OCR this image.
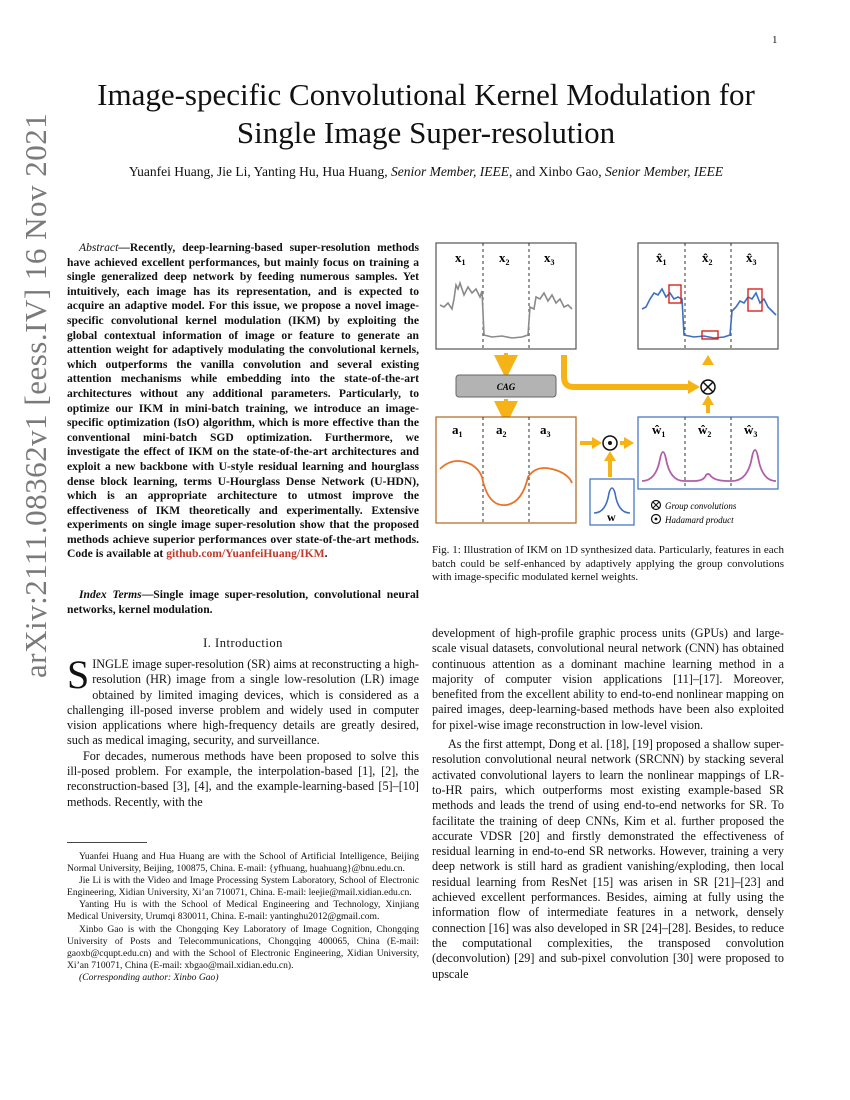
1
arXiv:2111.08362v1 [eess.IV] 16 Nov 2021
Image-specific Convolutional Kernel Modulation for
Single Image Super-resolution
Yuanfei Huang, Jie Li, Yanting Hu, Hua Huang, Senior Member, IEEE, and Xinbo Gao, Senior Member, IEEE
Abstract—Recently, deep-learning-based super-resolution methods have achieved excellent performances, but mainly focus on training a single generalized deep network by feeding numerous samples. Yet intuitively, each image has its representation, and is expected to acquire an adaptive model. For this issue, we propose a novel image-specific convolutional kernel modulation (IKM) by exploiting the global contextual information of image or feature to generate an attention weight for adaptively modulating the convolutional kernels, which outperforms the vanilla convolution and several existing attention mechanisms while embedding into the state-of-the-art architectures without any additional parameters. Particularly, to optimize our IKM in mini-batch training, we introduce an image-specific optimization (IsO) algorithm, which is more effective than the conventional mini-batch SGD optimization. Furthermore, we investigate the effect of IKM on the state-of-the-art architectures and exploit a new backbone with U-style residual learning and hourglass dense block learning, terms U-Hourglass Dense Network (U-HDN), which is an appropriate architecture to utmost improve the effectiveness of IKM theoretically and experimentally. Extensive experiments on single image super-resolution show that the proposed methods achieve superior performances over state-of-the-art methods. Code is available at github.com/YuanfeiHuang/IKM.
Index Terms—Single image super-resolution, convolutional neural networks, kernel modulation.
I. Introduction

SINGLE image super-resolution (SR) aims at reconstructing a high-resolution (HR) image from a single low-resolution (LR) image obtained by limited imaging devices, which is considered as a challenging ill-posed inverse problem and widely used in computer vision applications where high-frequency details are greatly desired, such as medical imaging, security, and surveillance.

For decades, numerous methods have been proposed to solve this ill-posed problem. For example, the interpolation-based [1], [2], the reconstruction-based [3], [4], and the example-learning-based [5]–[10] methods. Recently, with the

Yuanfei Huang and Hua Huang are with the School of Artificial Intelligence, Beijing Normal University, Beijing, 100875, China. E-mail: {yfhuang, huahuang}@bnu.edu.cn.

Jie Li is with the Video and Image Processing System Laboratory, School of Electronic Engineering, Xidian University, Xi’an 710071, China. E-mail: leejie@mail.xidian.edu.cn.

Yanting Hu is with the School of Medical Engineering and Technology, Xinjiang Medical University, Urumqi 830011, China. E-mail: yantinghu2012@gmail.com.

Xinbo Gao is with the Chongqing Key Laboratory of Image Cognition, Chongqing University of Posts and Telecommunications, Chongqing 400065, China (E-mail: gaoxb@cqupt.edu.cn) and with the School of Electronic Engineering, Xidian University, Xi’an 710071, China (E-mail: xbgao@mail.xidian.edu.cn).

(Corresponding author: Xinbo Gao)

$x_1$	$x_2$	$x_3$	$x̂_1$	$x̂_2$	$x̂_3$
CAG
$a_1$	$a_2$	$a_3$
w
$ŵ_1$	$ŵ_2$	$ŵ_3$
Group convolutions
Hadamard product
Fig. 1: Illustration of IKM on 1D synthesized data. Particularly, features in each batch could be self-enhanced by adaptively applying the group convolutions with image-specific modulated kernel weights.

development of high-profile graphic process units (GPUs) and large-scale visual datasets, convolutional neural network (CNN) has obtained continuous attention as a dominant machine learning method in a majority of computer vision applications [11]–[17]. Moreover, benefited from the excellent ability to end-to-end nonlinear mapping on paired images, deep-learning-based methods have been also exploited for pixel-wise image reconstruction in low-level vision.

As the first attempt, Dong et al. [18], [19] proposed a shallow super-resolution convolutional neural network (SRCNN) by stacking several activated convolutional layers to learn the nonlinear mappings of LR-to-HR pairs, which outperforms most existing example-based SR methods and leads the trend of using end-to-end networks for SR. To facilitate the training of deep CNNs, Kim et al. further proposed the accurate VDSR [20] and firstly demonstrated the effectiveness of residual learning in end-to-end SR networks. However, training a very deep network is still hard as gradient vanishing/exploding, then local residual learning from ResNet [15] was arisen in SR [21]–[23] and achieved excellent performances. Besides, aiming at fully using the information flow of intermediate features in a network, densely connection [16] was also developed in SR [24]–[28]. Besides, to reduce the computational complexities, the transposed convolution (deconvolution) [29] and sub-pixel convolution [30] were proposed to upscale
